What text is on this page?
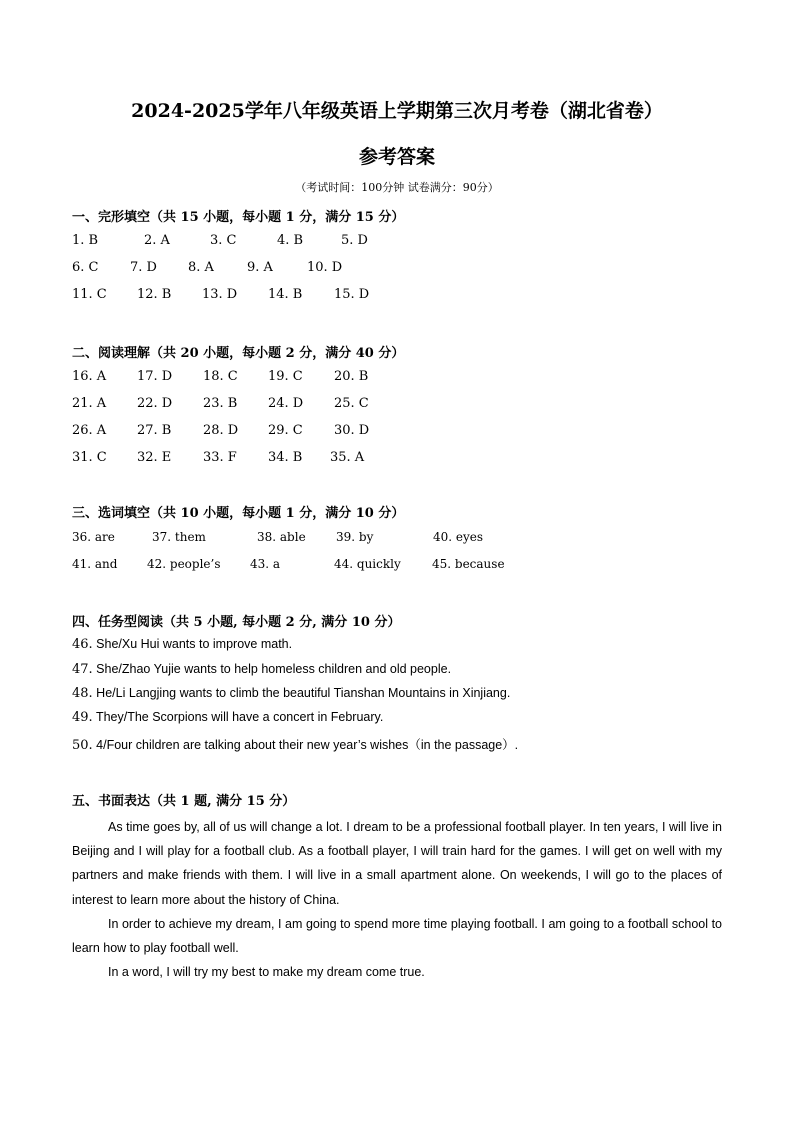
2024-2025学年八年级英语上学期第三次月考卷（湖北省卷）
参考答案
（考试时间：100分钟 试卷满分：90分）
一、完形填空（共 15 小题，每小题 1 分，满分 15 分）
1. B	2. A	3. C	4. B	5. D
6. C 7. D 8. A	9. A	10. D
11. C 12. B 13. D 14. B 15. D
二、阅读理解（共 20 小题，每小题 2 分，满分 40 分）
16. A 17. D 18. C 19. C 20. B
21. A 22. D 23. B 24. D 25. C
26. A 27. B 28. D 29. C 30. D
31. C 32. E 33. F 34. B 35. A
三、选词填空（共 10 小题，每小题 1 分，满分 10 分）
36. are	37. them	38. able	39. by	40. eyes
41. and 42. people’s 43. a	44. quickly	45. because
四、任务型阅读（共 5 小题, 每小题 2 分, 满分 10 分）
46. She/Xu Hui wants to improve math.
47. She/Zhao Yujie wants to help homeless children and old people.
48. He/Li Langjing wants to climb the beautiful Tianshan Mountains in Xinjiang.
49. They/The Scorpions will have a concert in February.
50. 4/Four children are talking about their new year’s wishes（in the passage）.
五、书面表达（共 1 题, 满分 15 分）

As time goes by, all of us will change a lot. I dream to be a professional football player. In ten years, I will live in Beijing and I will play for a football club. As a football player, I will train hard for the games. I will get on well with my partners and make friends with them. I will live in a small apartment alone. On weekends, I will go to the places of interest to learn more about the history of China.

In order to achieve my dream, I am going to spend more time playing football. I am going to a football school to learn how to play football well.

In a word, I will try my best to make my dream come true.
